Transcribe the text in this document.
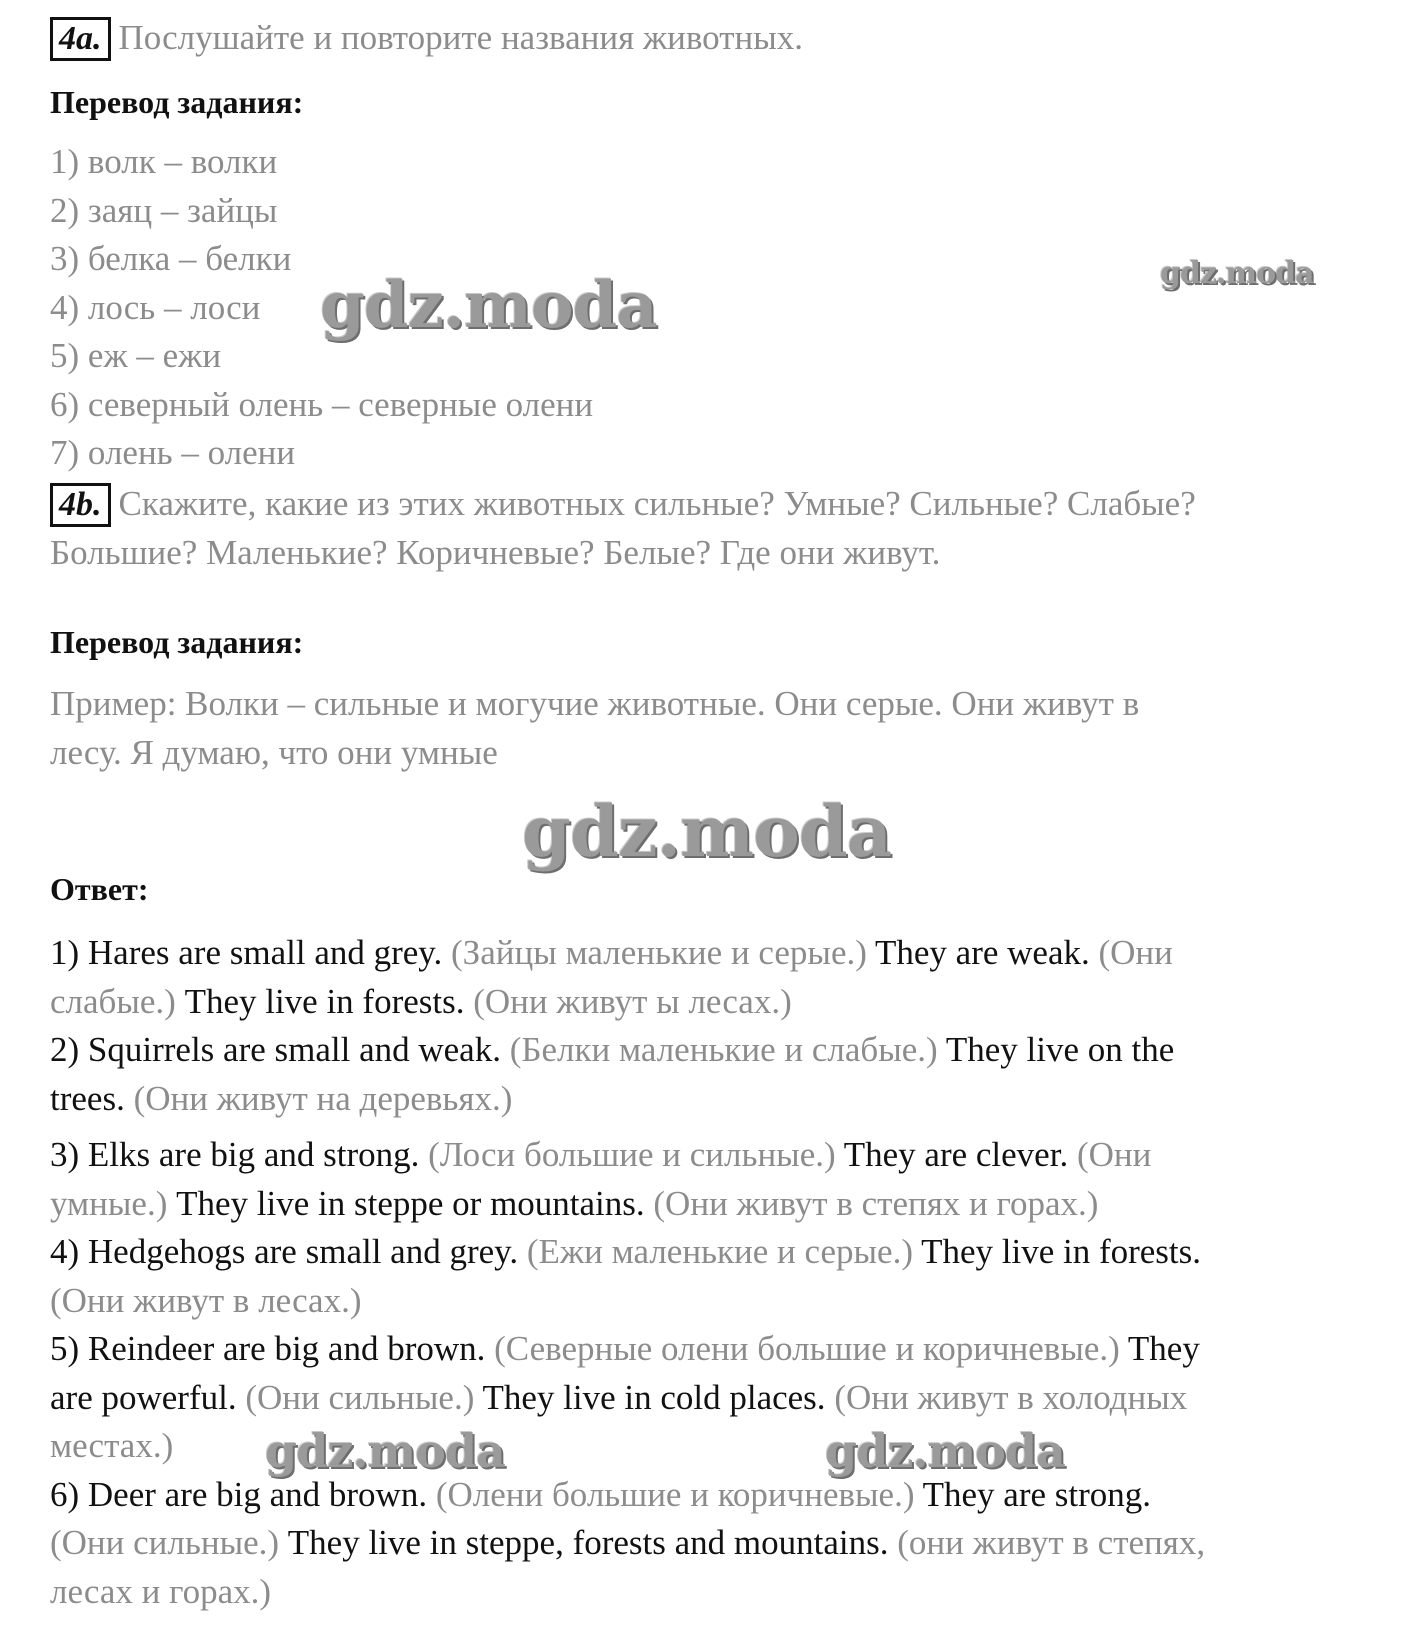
4a. Послушайте и повторите названия животных.
Перевод задания:
1) волк – волки
2) заяц – зайцы
3) белка – белки
4) лось – лоси
5) еж – ежи
6) северный олень – северные олени
7) олень – олени
4b. Скажите, какие из этих животных сильные? Умные? Сильные? Слабые?
Большие? Маленькие? Коричневые? Белые? Где они живут.
Перевод задания:
Пример: Волки – сильные и могучие животные. Они серые. Они живут в
лесу. Я думаю, что они умные
Ответ:
1) Hares are small and grey. (Зайцы маленькие и серые.) They are weak. (Они
слабые.) They live in forests. (Они живут ы лесах.)
2) Squirrels are small and weak. (Белки маленькие и слабые.) They live on the
trees. (Они живут на деревьях.)
3) Elks are big and strong. (Лоси большие и сильные.) They are clever. (Они
умные.) They live in steppe or mountains. (Они живут в степях и горах.)
4) Hedgehogs are small and grey. (Ежи маленькие и серые.) They live in forests.
(Они живут в лесах.)
5) Reindeer are big and brown. (Северные олени большие и коричневые.) They
are powerful. (Они сильные.) They live in cold places. (Они живут в холодных
местах.)
6) Deer are big and brown. (Олени большие и коричневые.) They are strong.
(Они сильные.) They live in steppe, forests and mountains. (они живут в степях,
лесах и горах.)
gdz.moda
gdz.moda
gdz.moda
gdz.moda	gdz.moda
